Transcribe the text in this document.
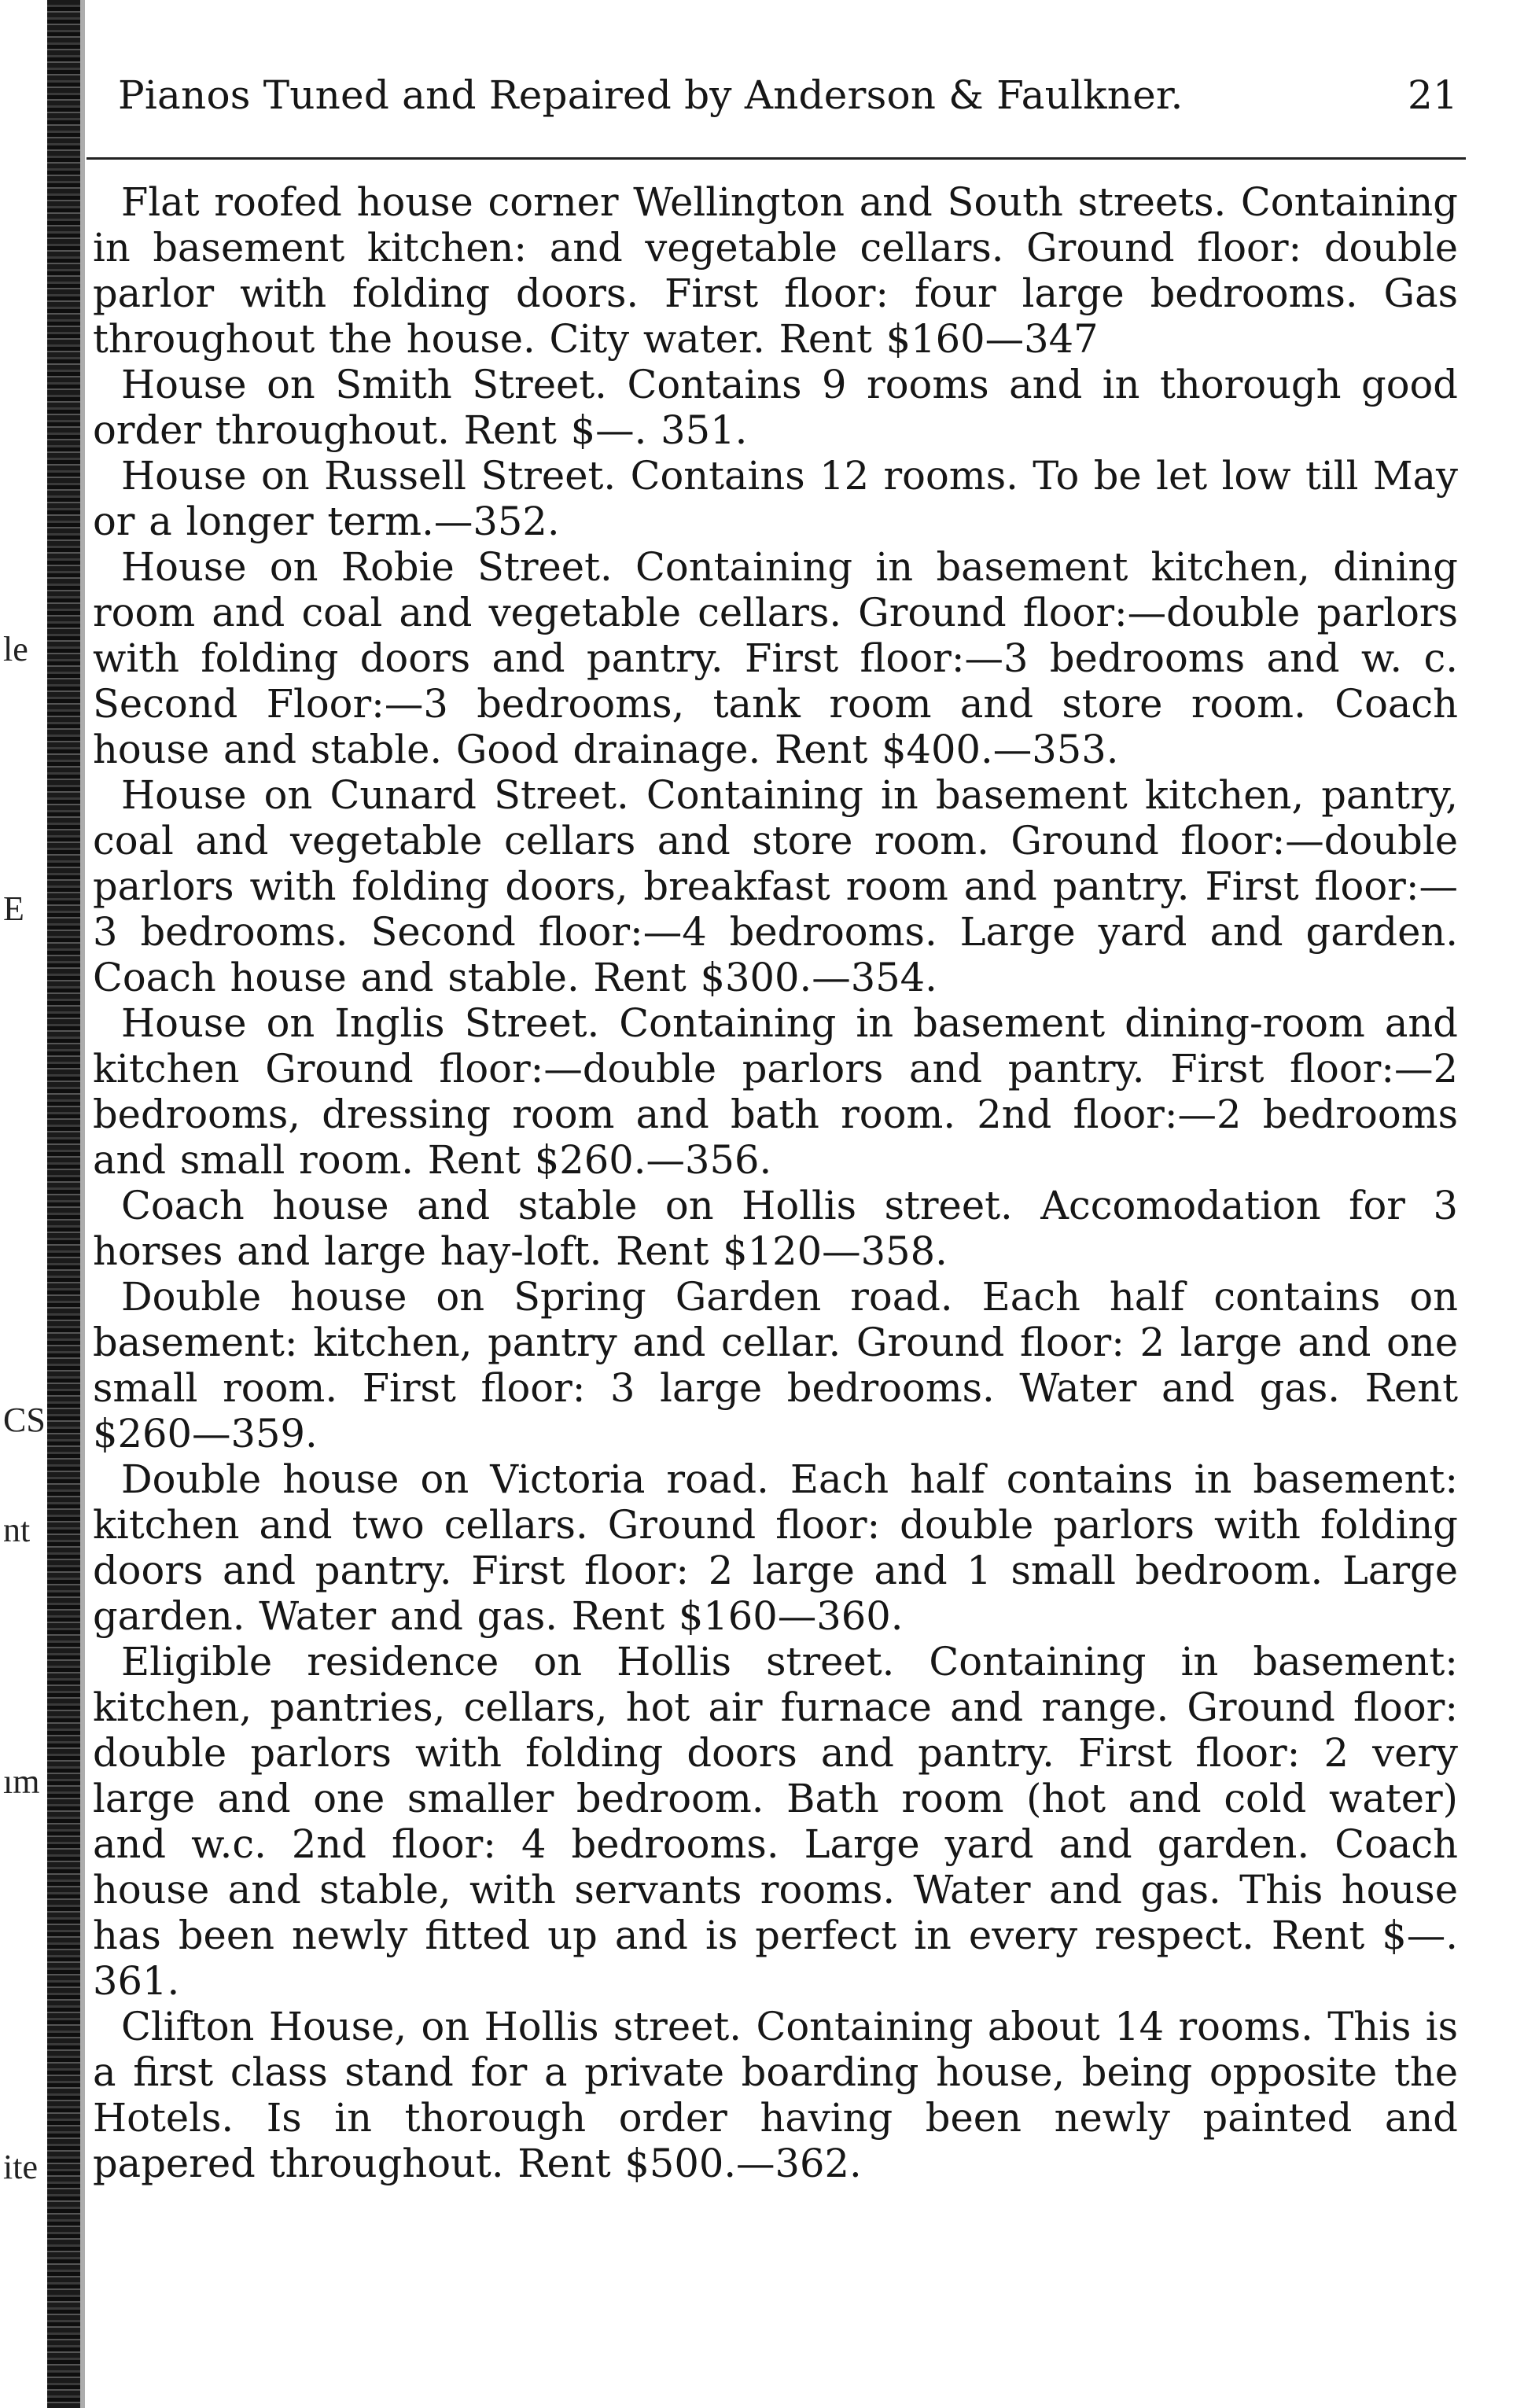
le
E
CS
nt
ım
ite
Pianos Tuned and Repaired by Anderson & Faulkner.	21

Flat roofed house corner Wellington and South streets. Containing in basement kitchen: and vegetable cellars. Ground floor: double parlor with folding doors. First floor: four large bedrooms. Gas throughout the house. City water. Rent $160—347

House on Smith Street. Contains 9 rooms and in thorough good order throughout. Rent $—. 351.

House on Russell Street. Contains 12 rooms. To be let low till May or a longer term.—352.

House on Robie Street. Containing in basement kitchen, dining room and coal and vegetable cellars. Ground floor:—double parlors with folding doors and pantry. First floor:—3 bedrooms and w. c. Second Floor:—3 bedrooms, tank room and store room. Coach house and stable. Good drainage. Rent $400.—353.

House on Cunard Street. Containing in basement kitchen, pantry, coal and vegetable cellars and store room. Ground floor:—double parlors with folding doors, breakfast room and pantry. First floor:—3 bedrooms. Second floor:—4 bedrooms. Large yard and garden. Coach house and stable. Rent $300.—354.

House on Inglis Street. Containing in basement dining-room and kitchen Ground floor:—double parlors and pantry. First floor:—2 bedrooms, dressing room and bath room. 2nd floor:—2 bedrooms and small room. Rent $260.—356.

Coach house and stable on Hollis street. Accomodation for 3 horses and large hay-loft. Rent $120—358.

Double house on Spring Garden road. Each half contains on basement: kitchen, pantry and cellar. Ground floor: 2 large and one small room. First floor: 3 large bedrooms. Water and gas. Rent $260—359.

Double house on Victoria road. Each half contains in basement: kitchen and two cellars. Ground floor: double parlors with folding doors and pantry. First floor: 2 large and 1 small bedroom. Large garden. Water and gas. Rent $160—360.

Eligible residence on Hollis street. Containing in basement: kitchen, pantries, cellars, hot air furnace and range. Ground floor: double parlors with folding doors and pantry. First floor: 2 very large and one smaller bedroom. Bath room (hot and cold water) and w.c. 2nd floor: 4 bedrooms. Large yard and garden. Coach house and stable, with servants rooms. Water and gas. This house has been newly fitted up and is perfect in every respect. Rent $—. 361.

Clifton House, on Hollis street. Containing about 14 rooms. This is a first class stand for a private boarding house, being opposite the Hotels. Is in thorough order having been newly painted and papered throughout. Rent $500.—362.
